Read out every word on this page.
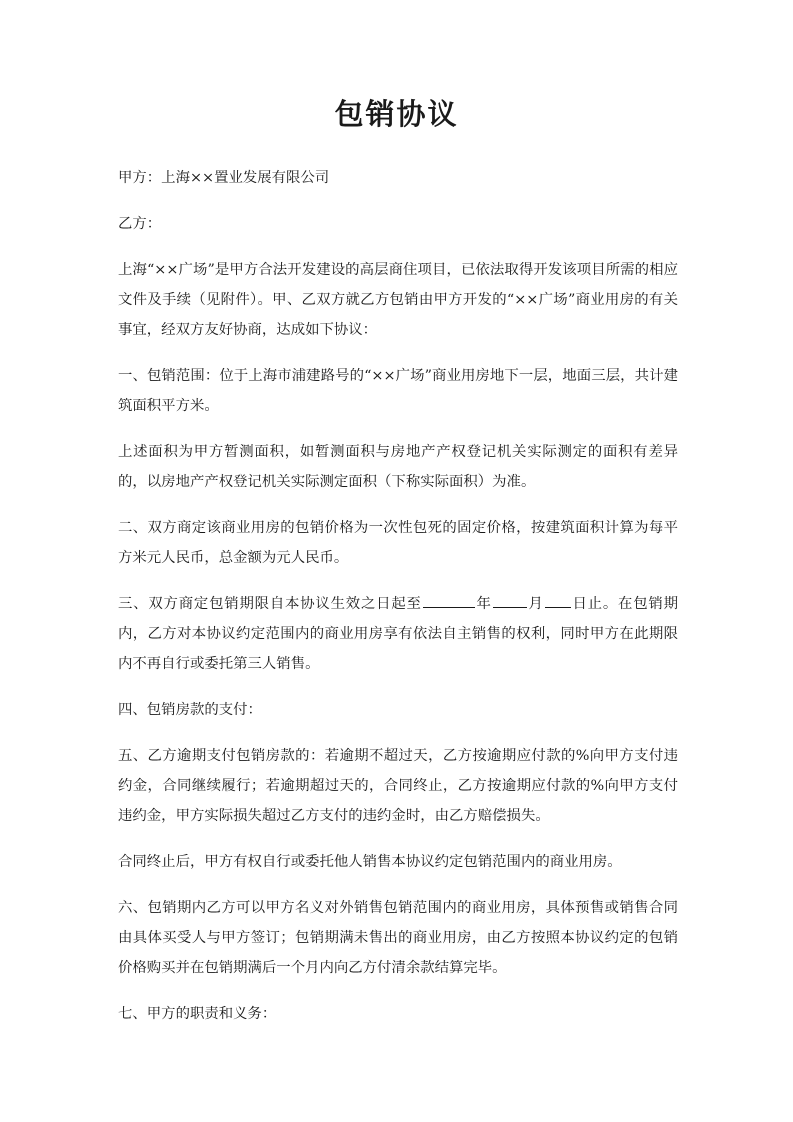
包销协议

甲方：上海××置业发展有限公司

乙方：

上海“××广场”是甲方合法开发建设的高层商住项目，已依法取得开发该项目所需的相应文件及手续（见附件）。甲、乙双方就乙方包销由甲方开发的“××广场”商业用房的有关事宜，经双方友好协商，达成如下协议：

一、包销范围：位于上海市浦建路号的“××广场”商业用房地下一层，地面三层，共计建筑面积平方米。

上述面积为甲方暂测面积，如暂测面积与房地产产权登记机关实际测定的面积有差异的，以房地产产权登记机关实际测定面积（下称实际面积）为准。

二、双方商定该商业用房的包销价格为一次性包死的固定价格，按建筑面积计算为每平方米元人民币，总金额为元人民币。

三、双方商定包销期限自本协议生效之日起至	年	月 日止。在包销期内，乙方对本协议约定范围内的商业用房享有依法自主销售的权利，同时甲方在此期限内不再自行或委托第三人销售。

四、包销房款的支付：

五、乙方逾期支付包销房款的：若逾期不超过天，乙方按逾期应付款的%向甲方支付违约金，合同继续履行；若逾期超过天的，合同终止，乙方按逾期应付款的%向甲方支付违约金，甲方实际损失超过乙方支付的违约金时，由乙方赔偿损失。

合同终止后，甲方有权自行或委托他人销售本协议约定包销范围内的商业用房。

六、包销期内乙方可以甲方名义对外销售包销范围内的商业用房，具体预售或销售合同由具体买受人与甲方签订；包销期满未售出的商业用房，由乙方按照本协议约定的包销价格购买并在包销期满后一个月内向乙方付清余款结算完毕。

七、甲方的职责和义务：
